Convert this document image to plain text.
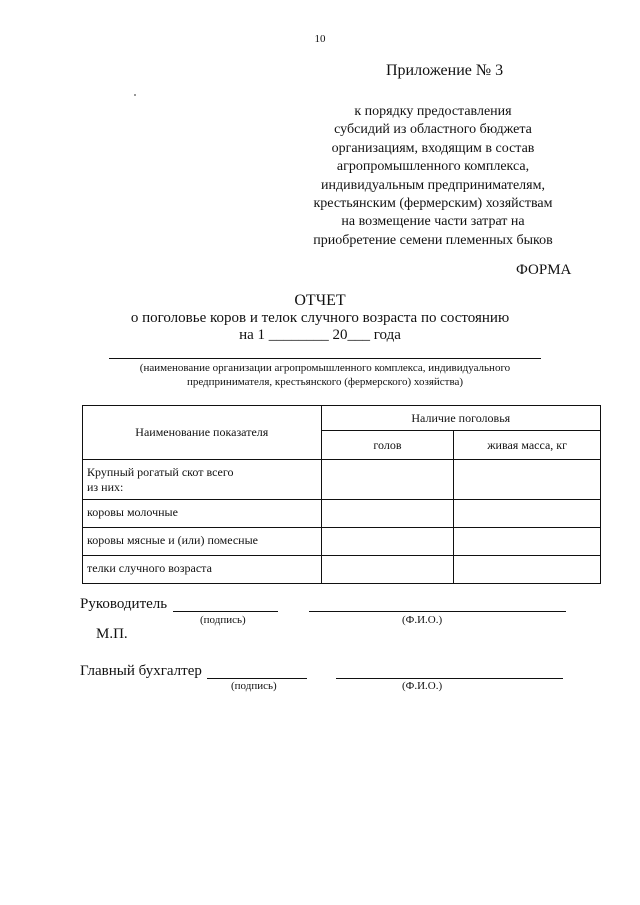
10
Приложение № 3
к порядку предоставления
субсидий из областного бюджета
организациям, входящим в состав
агропромышленного комплекса,
индивидуальным предпринимателям,
крестьянским (фермерским) хозяйствам
на возмещение части затрат на
приобретение семени племенных быков
ФОРМА
ОТЧЕТ
о поголовье коров и телок случного возраста по состоянию
на 1 ________ 20___ года
(наименование организации агропромышленного комплекса, индивидуального
предпринимателя, крестьянского (фермерского) хозяйства)
Наименование показателя	Наличие поголовья	
	голов	живая масса, кг

Крупный рогатый скот всего
из них:		

коровы молочные		
коровы мясные и (или) помесные		
телки случного возраста		
Руководитель
(подпись)	(Ф.И.О.)
М.П.
Главный бухгалтер
(подпись)	(Ф.И.О.)
